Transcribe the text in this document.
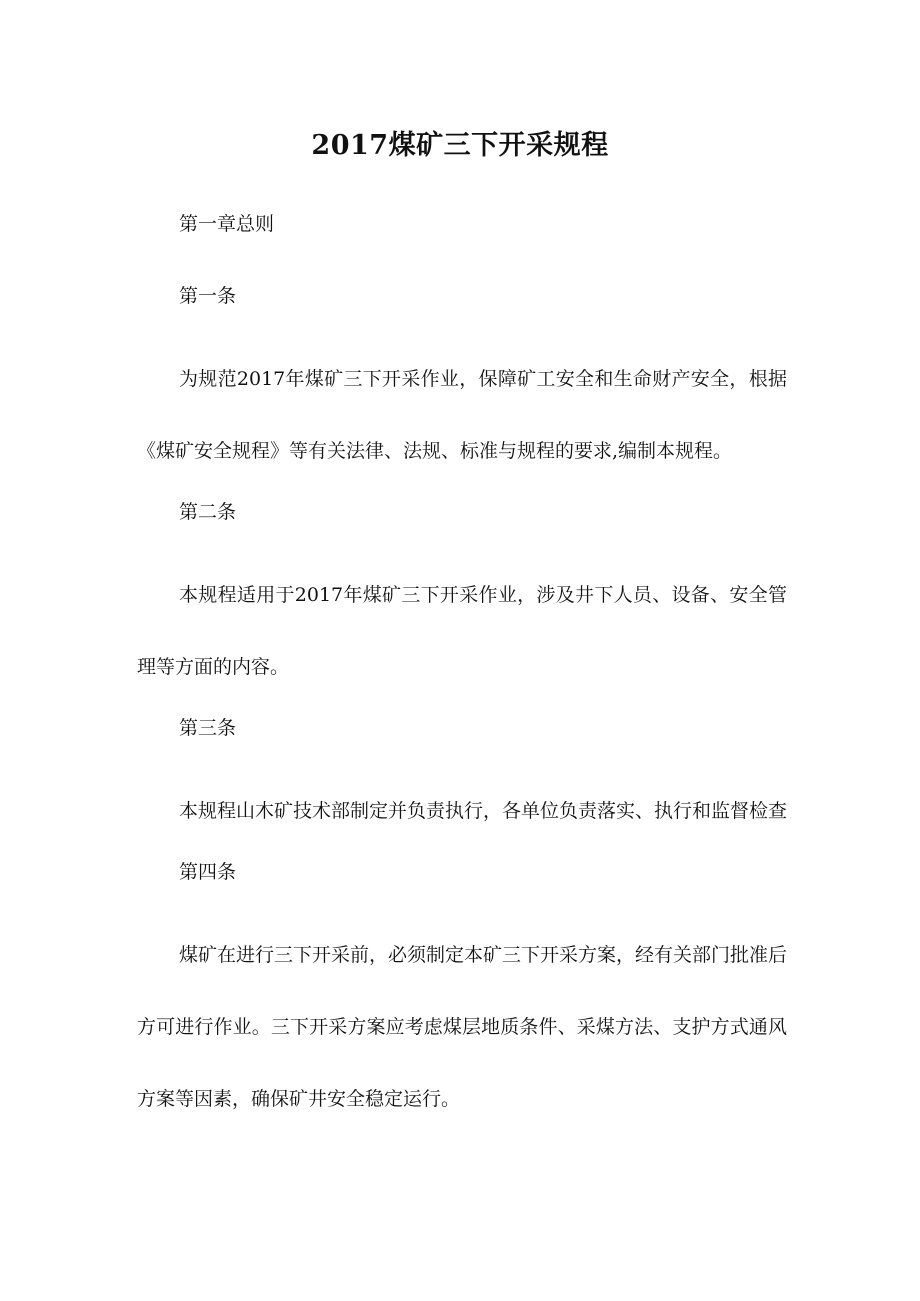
2017煤矿三下开采规程
第一章总则
第一条

为规范2017年煤矿三下开采作业，保障矿工安全和生命财产安全，根据《煤矿安全规程》等有关法律、法规、标准与规程的要求,编制本规程。

第二条

本规程适用于2017年煤矿三下开采作业，涉及井下人员、设备、安全管理等方面的内容。

第三条

本规程山木矿技术部制定并负责执行，各单位负责落实、执行和监督检查

第四条

煤矿在进行三下开采前，必须制定本矿三下开采方案，经有关部门批准后方可进行作业。三下开采方案应考虑煤层地质条件、采煤方法、支护方式通风方案等因素，确保矿井安全稳定运行。
